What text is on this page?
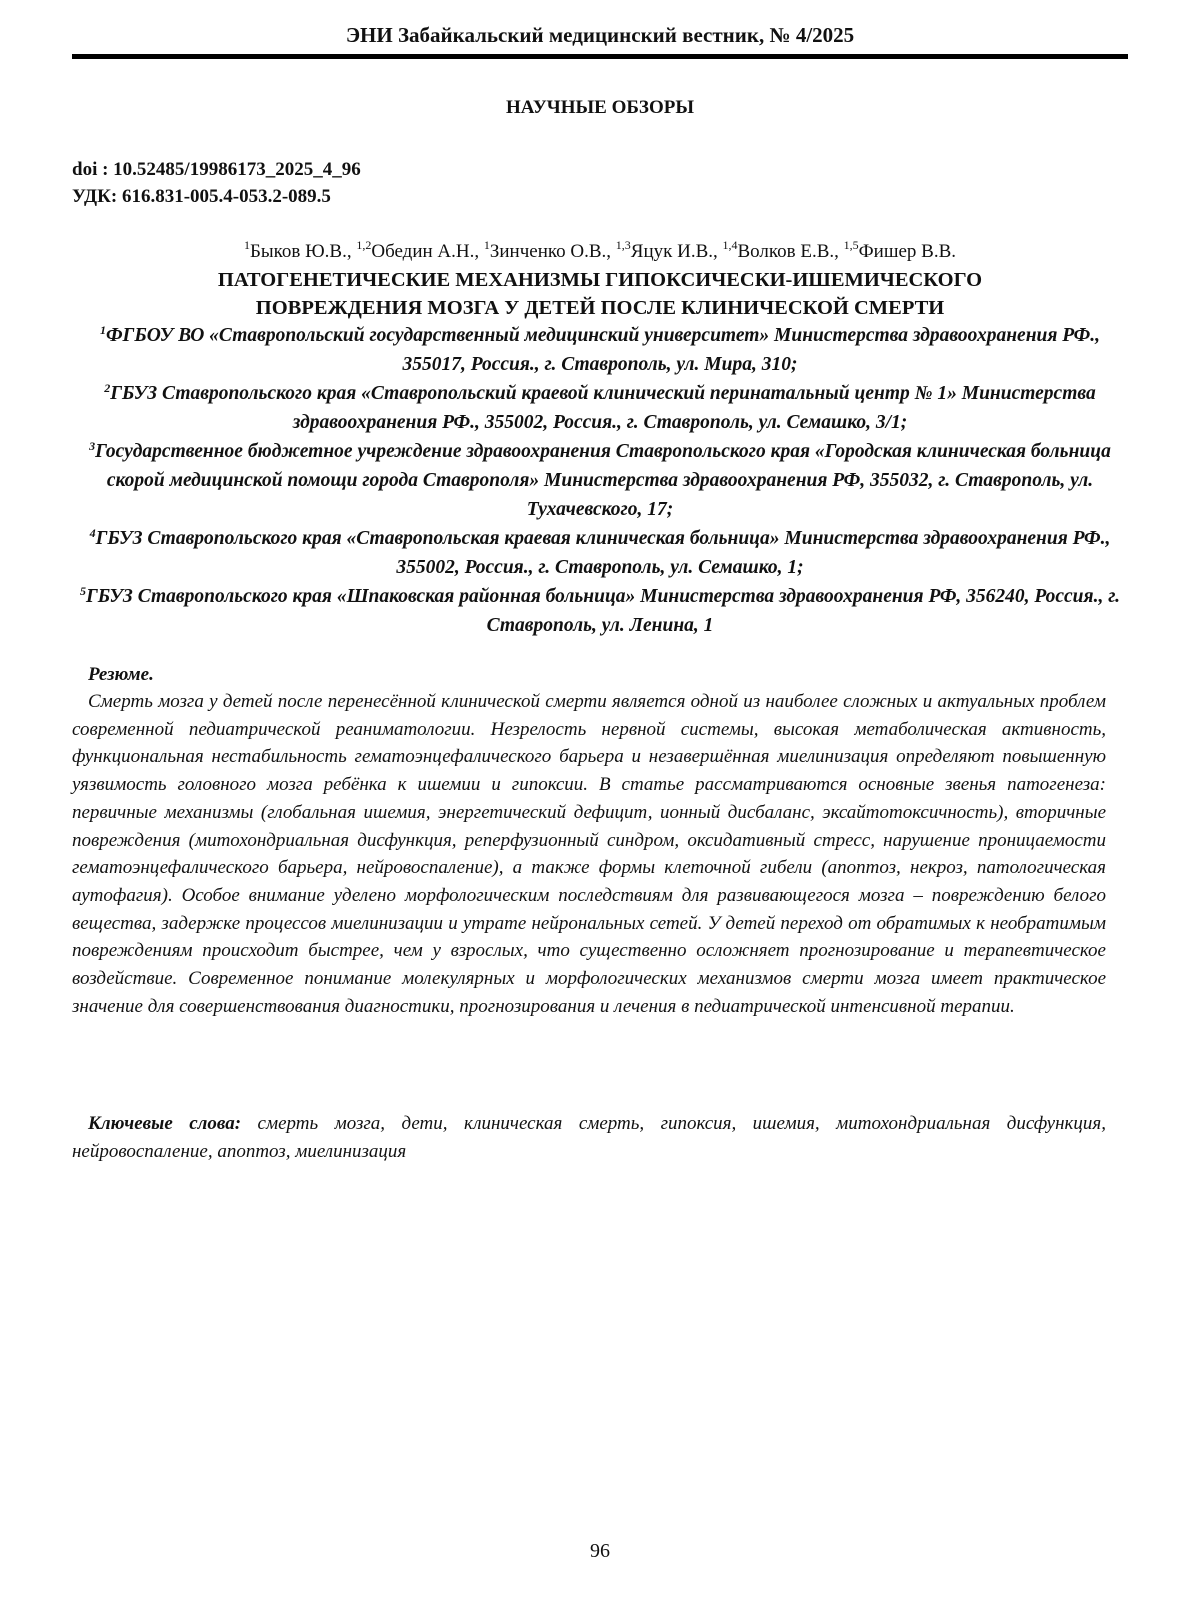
ЭНИ Забайкальский медицинский вестник, № 4/2025
НАУЧНЫЕ ОБЗОРЫ
doi : 10.52485/19986173_2025_4_96
УДК: 616.831-005.4-053.2-089.5
$^1$Быков Ю.В., $^{1,2}$Обедин А.Н., $^1$Зинченко О.В., $^{1,3}$Яцук И.В., $^{1,4}$Волков Е.В., $^{1,5}$Фишер В.В.
ПАТОГЕНЕТИЧЕСКИЕ МЕХАНИЗМЫ ГИПОКСИЧЕСКИ-ИШЕМИЧЕСКОГО
ПОВРЕЖДЕНИЯ МОЗГА У ДЕТЕЙ ПОСЛЕ КЛИНИЧЕСКОЙ СМЕРТИ
$^1$ФГБОУ ВО «Ставропольский государственный медицинский университет» Министерства здравоохранения РФ., 355017, Россия., г. Ставрополь, ул. Мира, 310;
$^2$ГБУЗ Ставропольского края «Ставропольский краевой клинический перинатальный центр № 1» Министерства здравоохранения РФ., 355002, Россия., г. Ставрополь, ул. Семашко, 3/1;
$^3$Государственное бюджетное учреждение здравоохранения Ставропольского края «Городская клиническая больница скорой медицинской помощи города Ставрополя» Министерства здравоохранения РФ, 355032, г. Ставрополь, ул. Тухачевского, 17;
$^4$ГБУЗ Ставропольского края «Ставропольская краевая клиническая больница» Министерства здравоохранения РФ., 355002, Россия., г. Ставрополь, ул. Семашко, 1;
$^5$ГБУЗ Ставропольского края «Шпаковская районная больница» Министерства здравоохранения РФ, 356240, Россия., г. Ставрополь, ул. Ленина, 1
Резюме.
Смерть мозга у детей после перенесённой клинической смерти является одной из наиболее сложных и актуальных проблем современной педиатрической реаниматологии. Незрелость нервной системы, высокая метаболическая активность, функциональная нестабильность гематоэнцефалического барьера и незавершённая миелинизация определяют повышенную уязвимость головного мозга ребёнка к ишемии и гипоксии. В статье рассматриваются основные звенья патогенеза: первичные механизмы (глобальная ишемия, энергетический дефицит, ионный дисбаланс, эксайтотоксичность), вторичные повреждения (митохондриальная дисфункция, реперфузионный синдром, оксидативный стресс, нарушение проницаемости гематоэнцефалического барьера, нейровоспаление), а также формы клеточной гибели (апоптоз, некроз, патологическая аутофагия). Особое внимание уделено морфологическим последствиям для развивающегося мозга – повреждению белого вещества, задержке процессов миелинизации и утрате нейрональных сетей. У детей переход от обратимых к необратимым повреждениям происходит быстрее, чем у взрослых, что существенно осложняет прогнозирование и терапевтическое воздействие. Современное понимание молекулярных и морфологических механизмов смерти мозга имеет практическое значение для совершенствования диагностики, прогнозирования и лечения в педиатрической интенсивной терапии.
Ключевые слова: смерть мозга, дети, клиническая смерть, гипоксия, ишемия, митохондриальная дисфункция, нейровоспаление, апоптоз, миелинизация
96
